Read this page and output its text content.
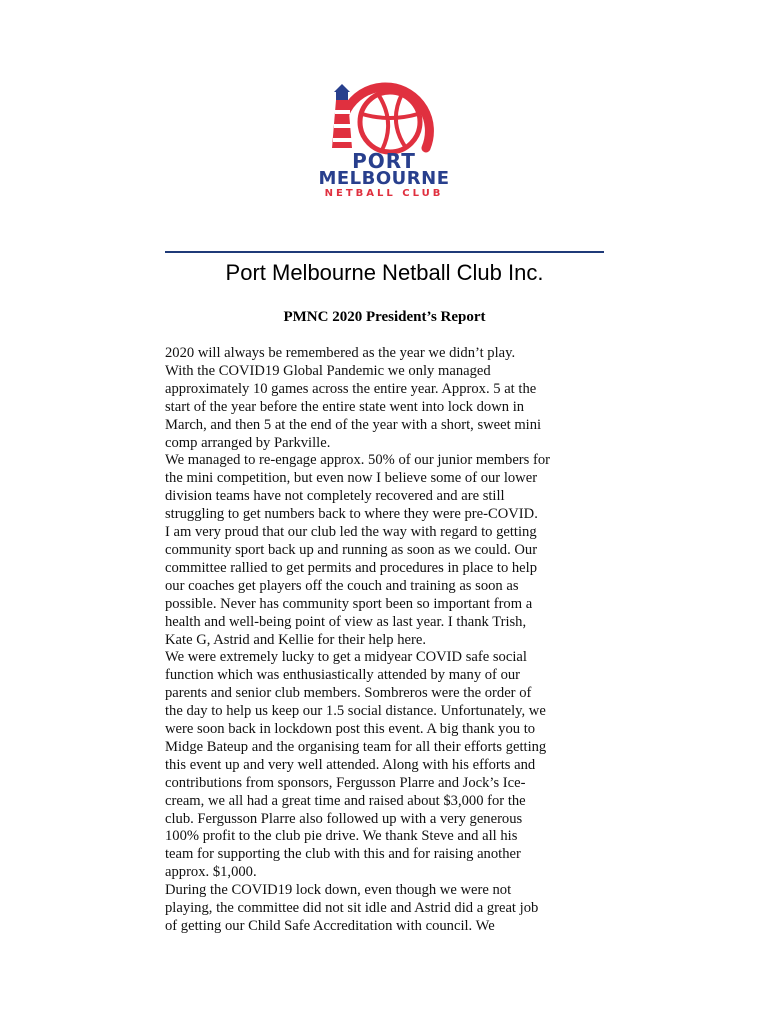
PORT
MELBOURNE
NETBALL CLUB
Port Melbourne Netball Club Inc.
PMNC 2020 President’s Report
2020 will always be remembered as the year we didn’t play.
With the COVID19 Global Pandemic we only managed
approximately 10 games across the entire year. Approx. 5 at the
start of the year before the entire state went into lock down in
March, and then 5 at the end of the year with a short, sweet mini
comp arranged by Parkville.
We managed to re-engage approx. 50% of our junior members for
the mini competition, but even now I believe some of our lower
division teams have not completely recovered and are still
struggling to get numbers back to where they were pre-COVID.
I am very proud that our club led the way with regard to getting
community sport back up and running as soon as we could. Our
committee rallied to get permits and procedures in place to help
our coaches get players off the couch and training as soon as
possible. Never has community sport been so important from a
health and well-being point of view as last year. I thank Trish,
Kate G, Astrid and Kellie for their help here.
We were extremely lucky to get a midyear COVID safe social
function which was enthusiastically attended by many of our
parents and senior club members. Sombreros were the order of
the day to help us keep our 1.5 social distance. Unfortunately, we
were soon back in lockdown post this event. A big thank you to
Midge Bateup and the organising team for all their efforts getting
this event up and very well attended. Along with his efforts and
contributions from sponsors, Fergusson Plarre and Jock’s Ice-
cream, we all had a great time and raised about $3,000 for the
club. Fergusson Plarre also followed up with a very generous
100% profit to the club pie drive. We thank Steve and all his
team for supporting the club with this and for raising another
approx. $1,000.
During the COVID19 lock down, even though we were not
playing, the committee did not sit idle and Astrid did a great job
of getting our Child Safe Accreditation with council. We
